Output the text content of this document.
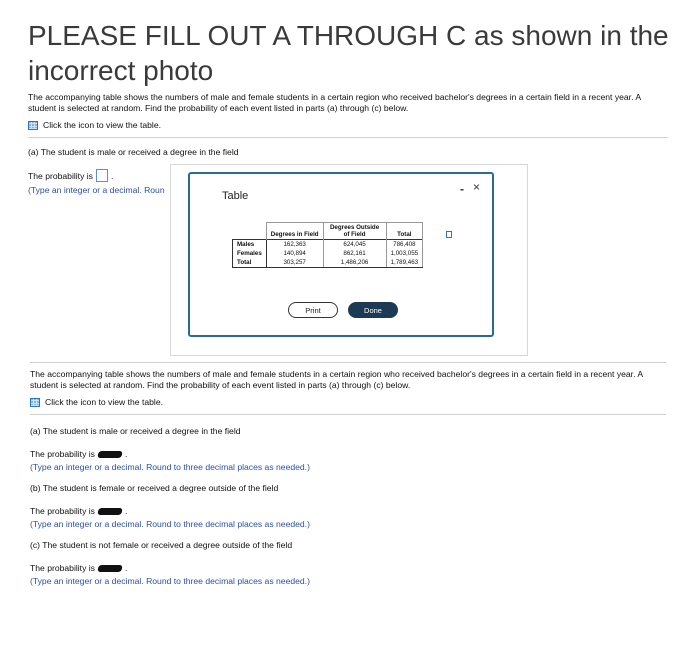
PLEASE FILL OUT A THROUGH C as shown in the incorrect photo

The accompanying table shows the numbers of male and female students in a certain region who received bachelor's degrees in a certain field in a recent year. A student is selected at random. Find the probability of each event listed in parts (a) through (c) below.

Click the icon to view the table.
(a) The student is male or received a degree in the field
The probability is .
(Type an integer or a decimal. Roun	Table	- ×
	Degrees in Field	Degrees Outside of Field	Total
Males	162,363	624,045	786,408
Females	140,894	862,161	1,003,055
Total	303,257	1,486,206	1,789,463
Print	Done

The accompanying table shows the numbers of male and female students in a certain region who received bachelor's degrees in a certain field in a recent year. A student is selected at random. Find the probability of each event listed in parts (a) through (c) below.

Click the icon to view the table.
(a) The student is male or received a degree in the field
The probability is	.
(Type an integer or a decimal. Round to three decimal places as needed.)
(b) The student is female or received a degree outside of the field
The probability is	.
(Type an integer or a decimal. Round to three decimal places as needed.)
(c) The student is not female or received a degree outside of the field
The probability is	.
(Type an integer or a decimal. Round to three decimal places as needed.)
